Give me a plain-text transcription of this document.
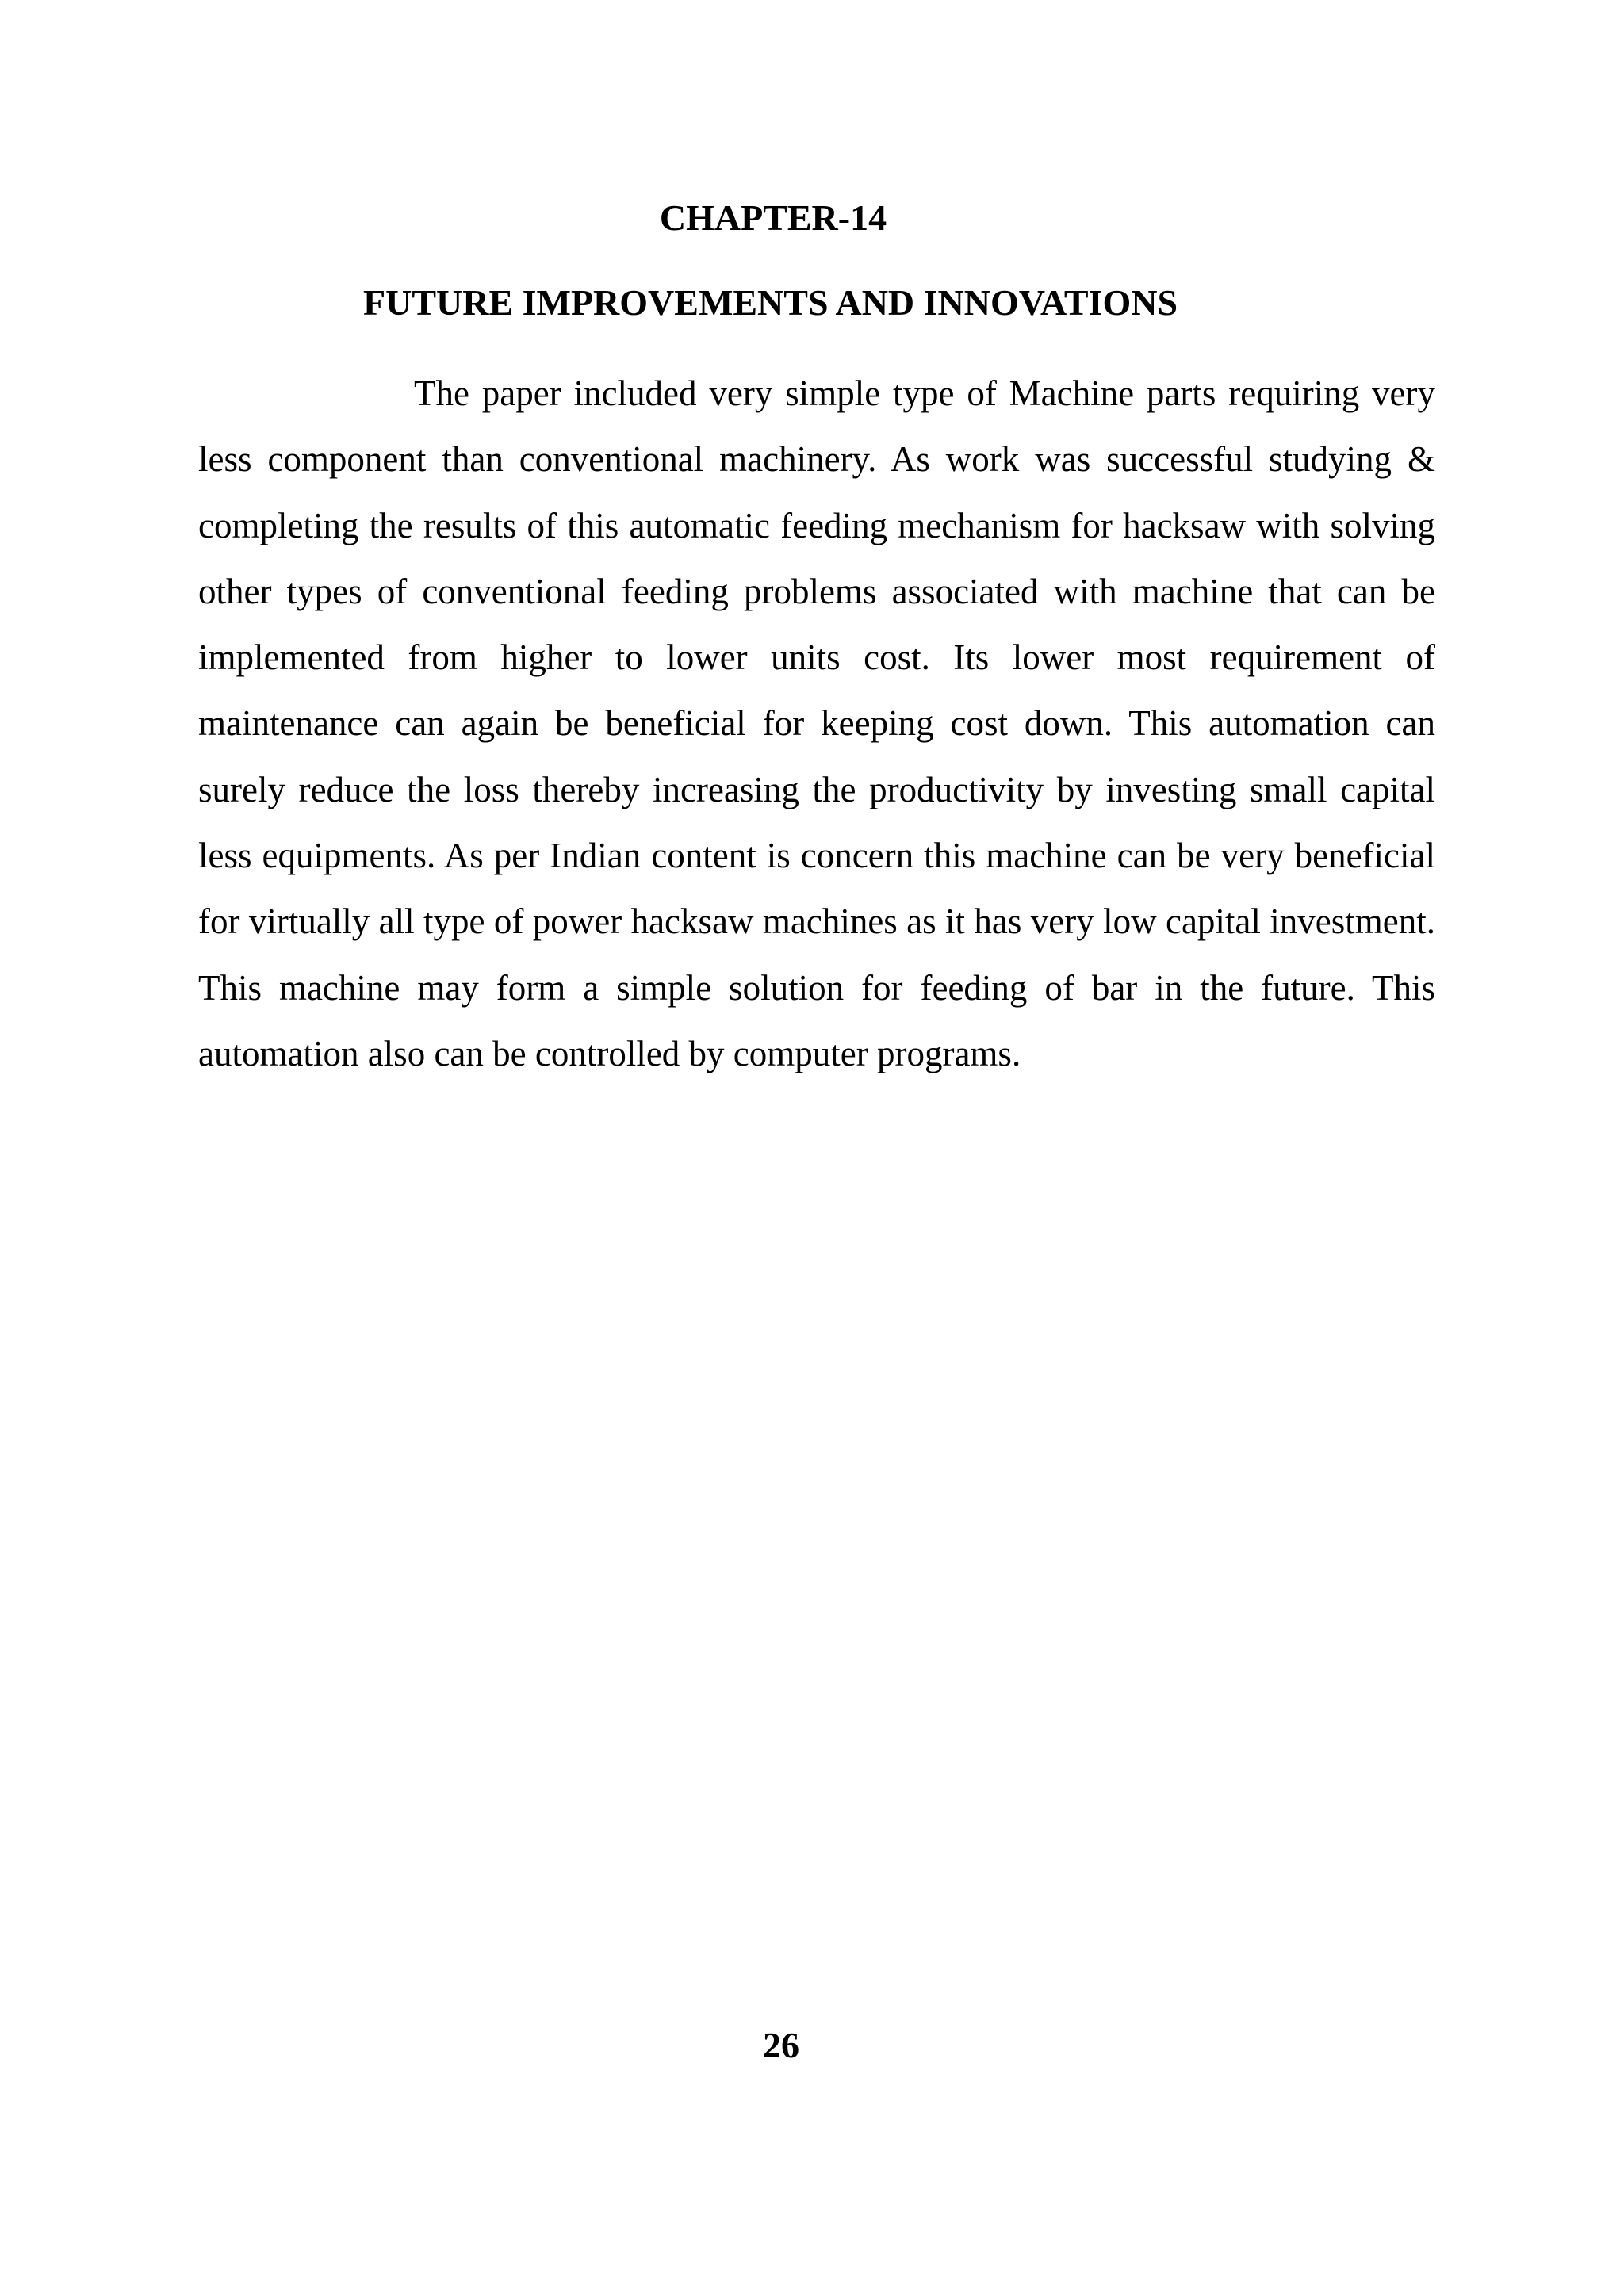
CHAPTER-14
FUTURE IMPROVEMENTS AND INNOVATIONS

The paper included very simple type of Machine parts requiring very less component than conventional machinery. As work was successful studying & completing the results of this automatic feeding mechanism for hacksaw with solving other types of conventional feeding problems associated with machine that can be implemented from higher to lower units cost. Its lower most requirement of maintenance can again be beneficial for keeping cost down. This automation can surely reduce the loss thereby increasing the productivity by investing small capital less equipments. As per Indian content is concern this machine can be very beneficial for virtually all type of power hacksaw machines as it has very low capital investment. This machine may form a simple solution for feeding of bar in the future. This automation also can be controlled by computer programs.

26
